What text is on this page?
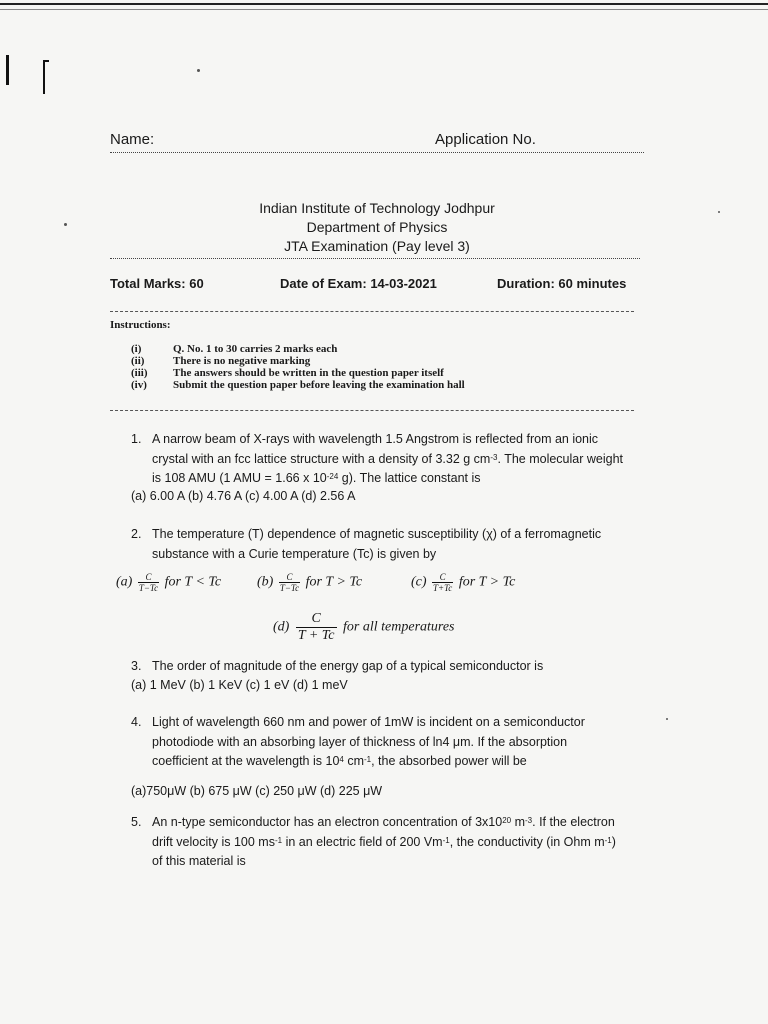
Name:	Application No.
Indian Institute of Technology Jodhpur
Department of Physics
JTA Examination (Pay level 3)
Total Marks: 60	Date of Exam: 14-03-2021	Duration: 60 minutes
Instructions:
(i)	Q. No. 1 to 30 carries 2 marks each
(ii)	There is no negative marking
(iii)	The answers should be written in the question paper itself
(iv)	Submit the question paper before leaving the examination hall
1. A narrow beam of X-rays with wavelength 1.5 Angstrom is reflected from an ionic
crystal with an fcc lattice structure with a density of 3.32 g $cm^{-3}$. The molecular weight
is 108 AMU (1 AMU = 1.66 x $10^{-24}$ g). The lattice constant is
(a) 6.00 A (b) 4.76 A (c) 4.00 A (d) 2.56 A
2. The temperature (T) dependence of magnetic susceptibility (χ) of a ferromagnetic
substance with a Curie temperature (Tc) is given by
$(a) \frac{C}{T-Tc}$ for T < Tc	$(b) \frac{C}{T-Tc}$ for T > Tc	$(c) \frac{C}{T+Tc}$ for T > Tc
$(d) \frac{C}{T + Tc}$ for all temperatures
3. The order of magnitude of the energy gap of a typical semiconductor is
(a) 1 MeV (b) 1 KeV (c) 1 eV (d) 1 meV
4. Light of wavelength 660 nm and power of 1mW is incident on a semiconductor
photodiode with an absorbing layer of thickness of ln4 μm. If the absorption
coefficient at the wavelength is $10^4$ $cm^{-1}$, the absorbed power will be
(a)750μW (b) 675 μW (c) 250 μW (d) 225 μW
5. An n-type semiconductor has an electron concentration of $3x10^{20}$ $m^{-3}$. If the electron
drift velocity is 100 $ms^{-1}$ in an electric field of 200 $Vm^{-1}$, the conductivity (in Ohm $m^{-1}$)
of this material is
